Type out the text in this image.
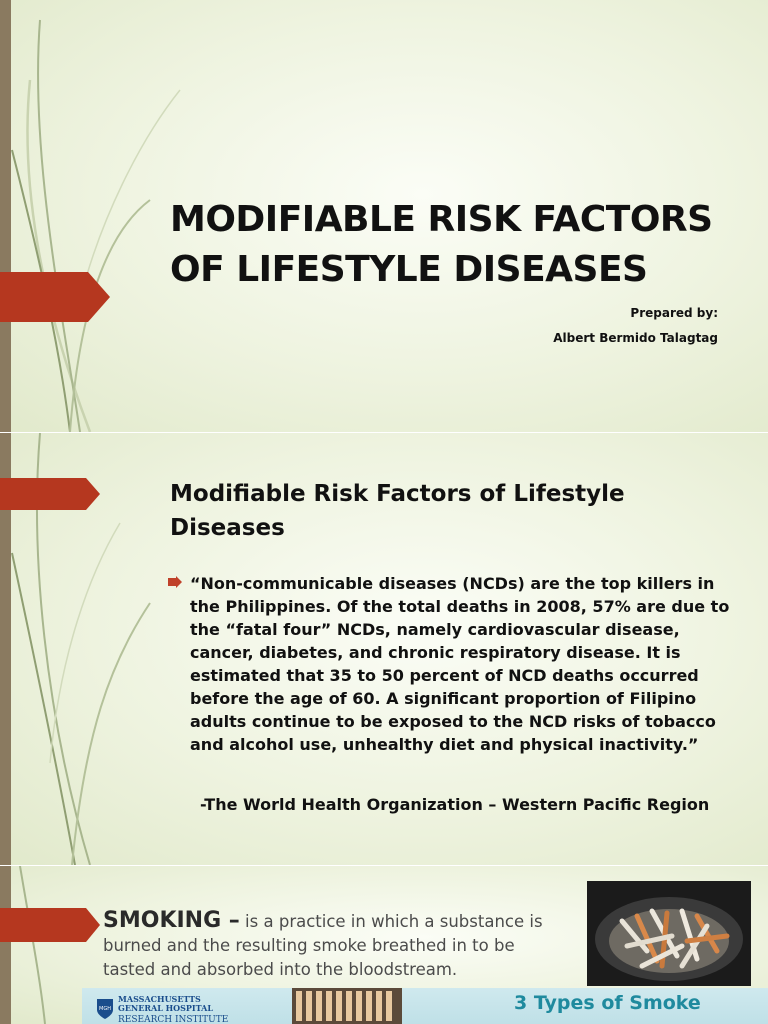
MODIFIABLE RISK FACTORS
OF LIFESTYLE DISEASES
Prepared by:
Albert Bermido Talagtag
Modifiable Risk Factors of Lifestyle
Diseases
“Non-communicable diseases (NCDs) are the top killers in
the Philippines. Of the total deaths in 2008, 57% are due to
the “fatal four” NCDs, namely cardiovascular disease,
cancer, diabetes, and chronic respiratory disease. It is
estimated that 35 to 50 percent of NCD deaths occurred
before the age of 60. A significant proportion of Filipino
adults continue to be exposed to the NCD risks of tobacco
and alcohol use, unhealthy diet and physical inactivity.”
-The World Health Organization – Western Pacific Region
SMOKING – is a practice in which a substance is
burned and the resulting smoke breathed in to be
tasted and absorbed into the bloodstream.
MGH
MASSACHUSETTS
GENERAL HOSPITAL
RESEARCH INSTITUTE
3 Types of Smoke
